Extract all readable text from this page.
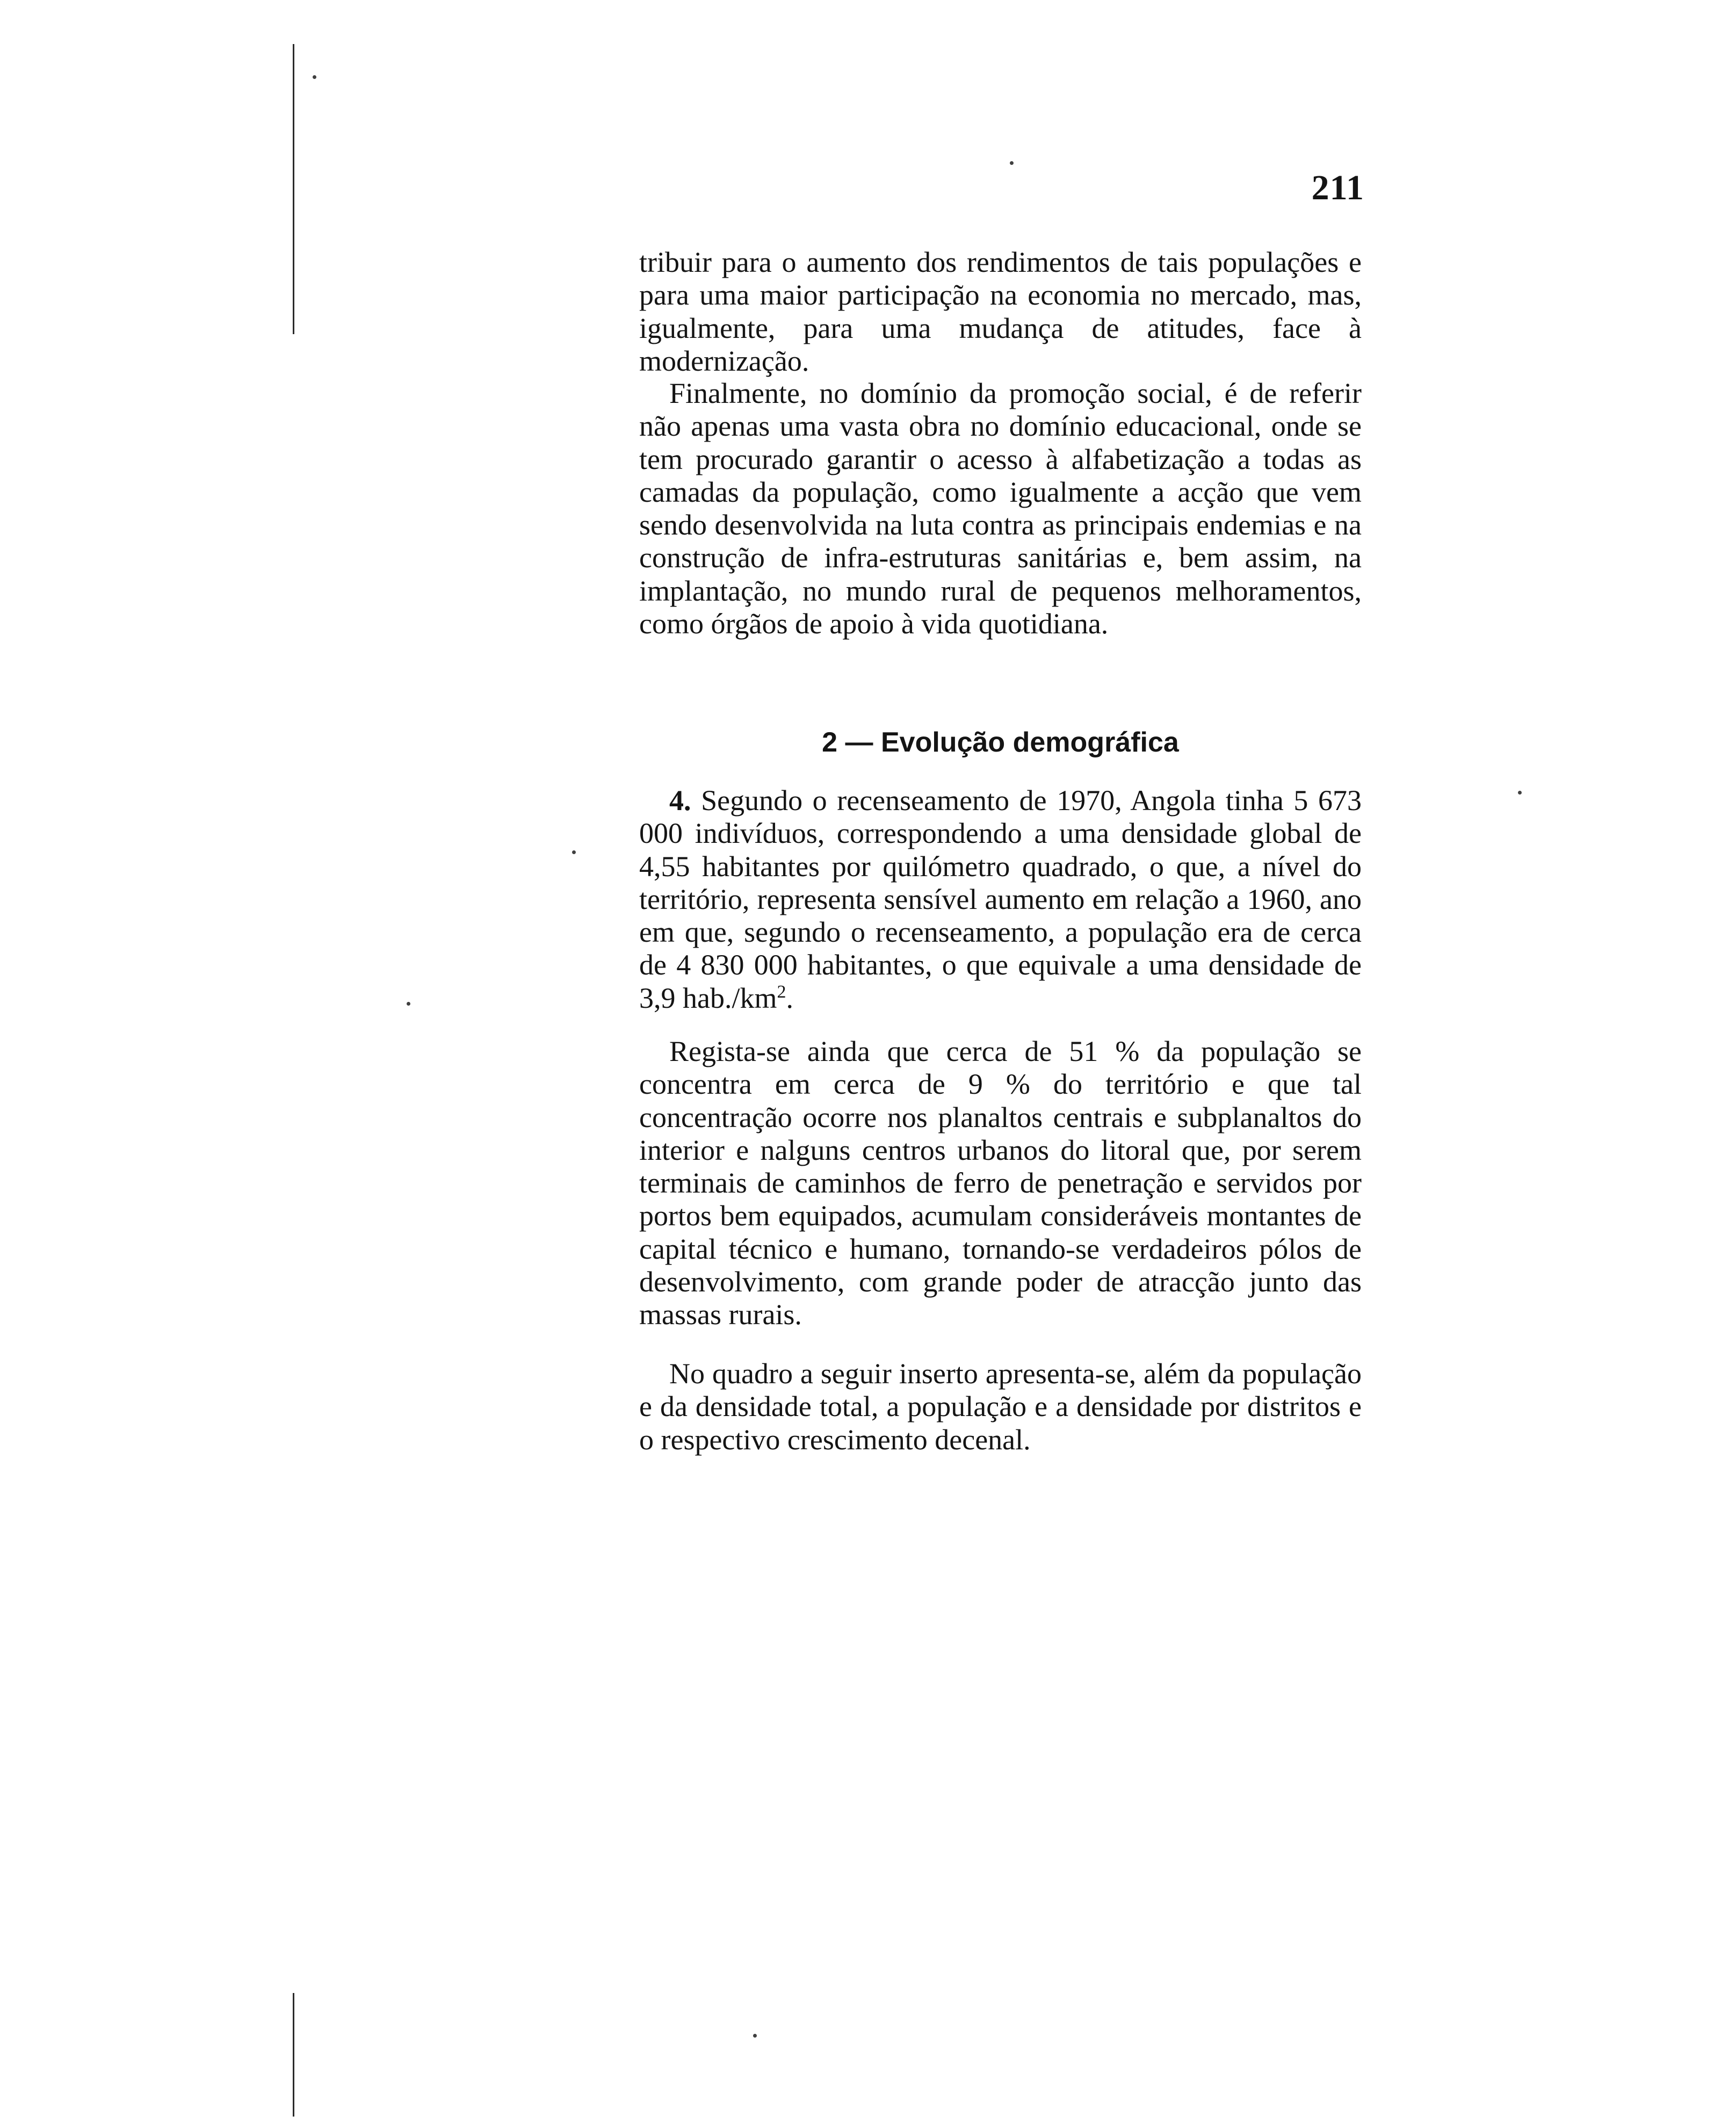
211

tribuir para o aumento dos rendimentos de tais populações e para uma maior participação na economia no mercado, mas, igualmente, para uma mudança de atitudes, face à modernização.

Finalmente, no domínio da promoção social, é de referir não apenas uma vasta obra no domínio educacional, onde se tem procurado garantir o acesso à alfabetização a todas as camadas da população, como igualmente a acção que vem sendo desenvolvida na luta contra as principais endemias e na construção de infra-estruturas sanitárias e, bem assim, na implantação, no mundo rural de pequenos melhoramentos, como órgãos de apoio à vida quotidiana.

2 — Evolução demográfica

4. Segundo o recenseamento de 1970, Angola tinha 5 673 000 indivíduos, correspondendo a uma densidade global de 4,55 habitantes por quilómetro quadrado, o que, a nível do território, representa sensível aumento em relação a 1960, ano em que, segundo o recenseamento, a população era de cerca de 4 830 000 habitantes, o que equivale a uma densidade de 3,9 $hab./km^2$.

Regista-se ainda que cerca de 51 % da população se concentra em cerca de 9 % do território e que tal concentração ocorre nos planaltos centrais e subplanaltos do interior e nalguns centros urbanos do litoral que, por serem terminais de caminhos de ferro de penetração e servidos por portos bem equipados, acumulam consideráveis montantes de capital técnico e humano, tornando-se verdadeiros pólos de desenvolvimento, com grande poder de atracção junto das massas rurais.

No quadro a seguir inserto apresenta-se, além da população e da densidade total, a população e a densidade por distritos e o respectivo crescimento decenal.
